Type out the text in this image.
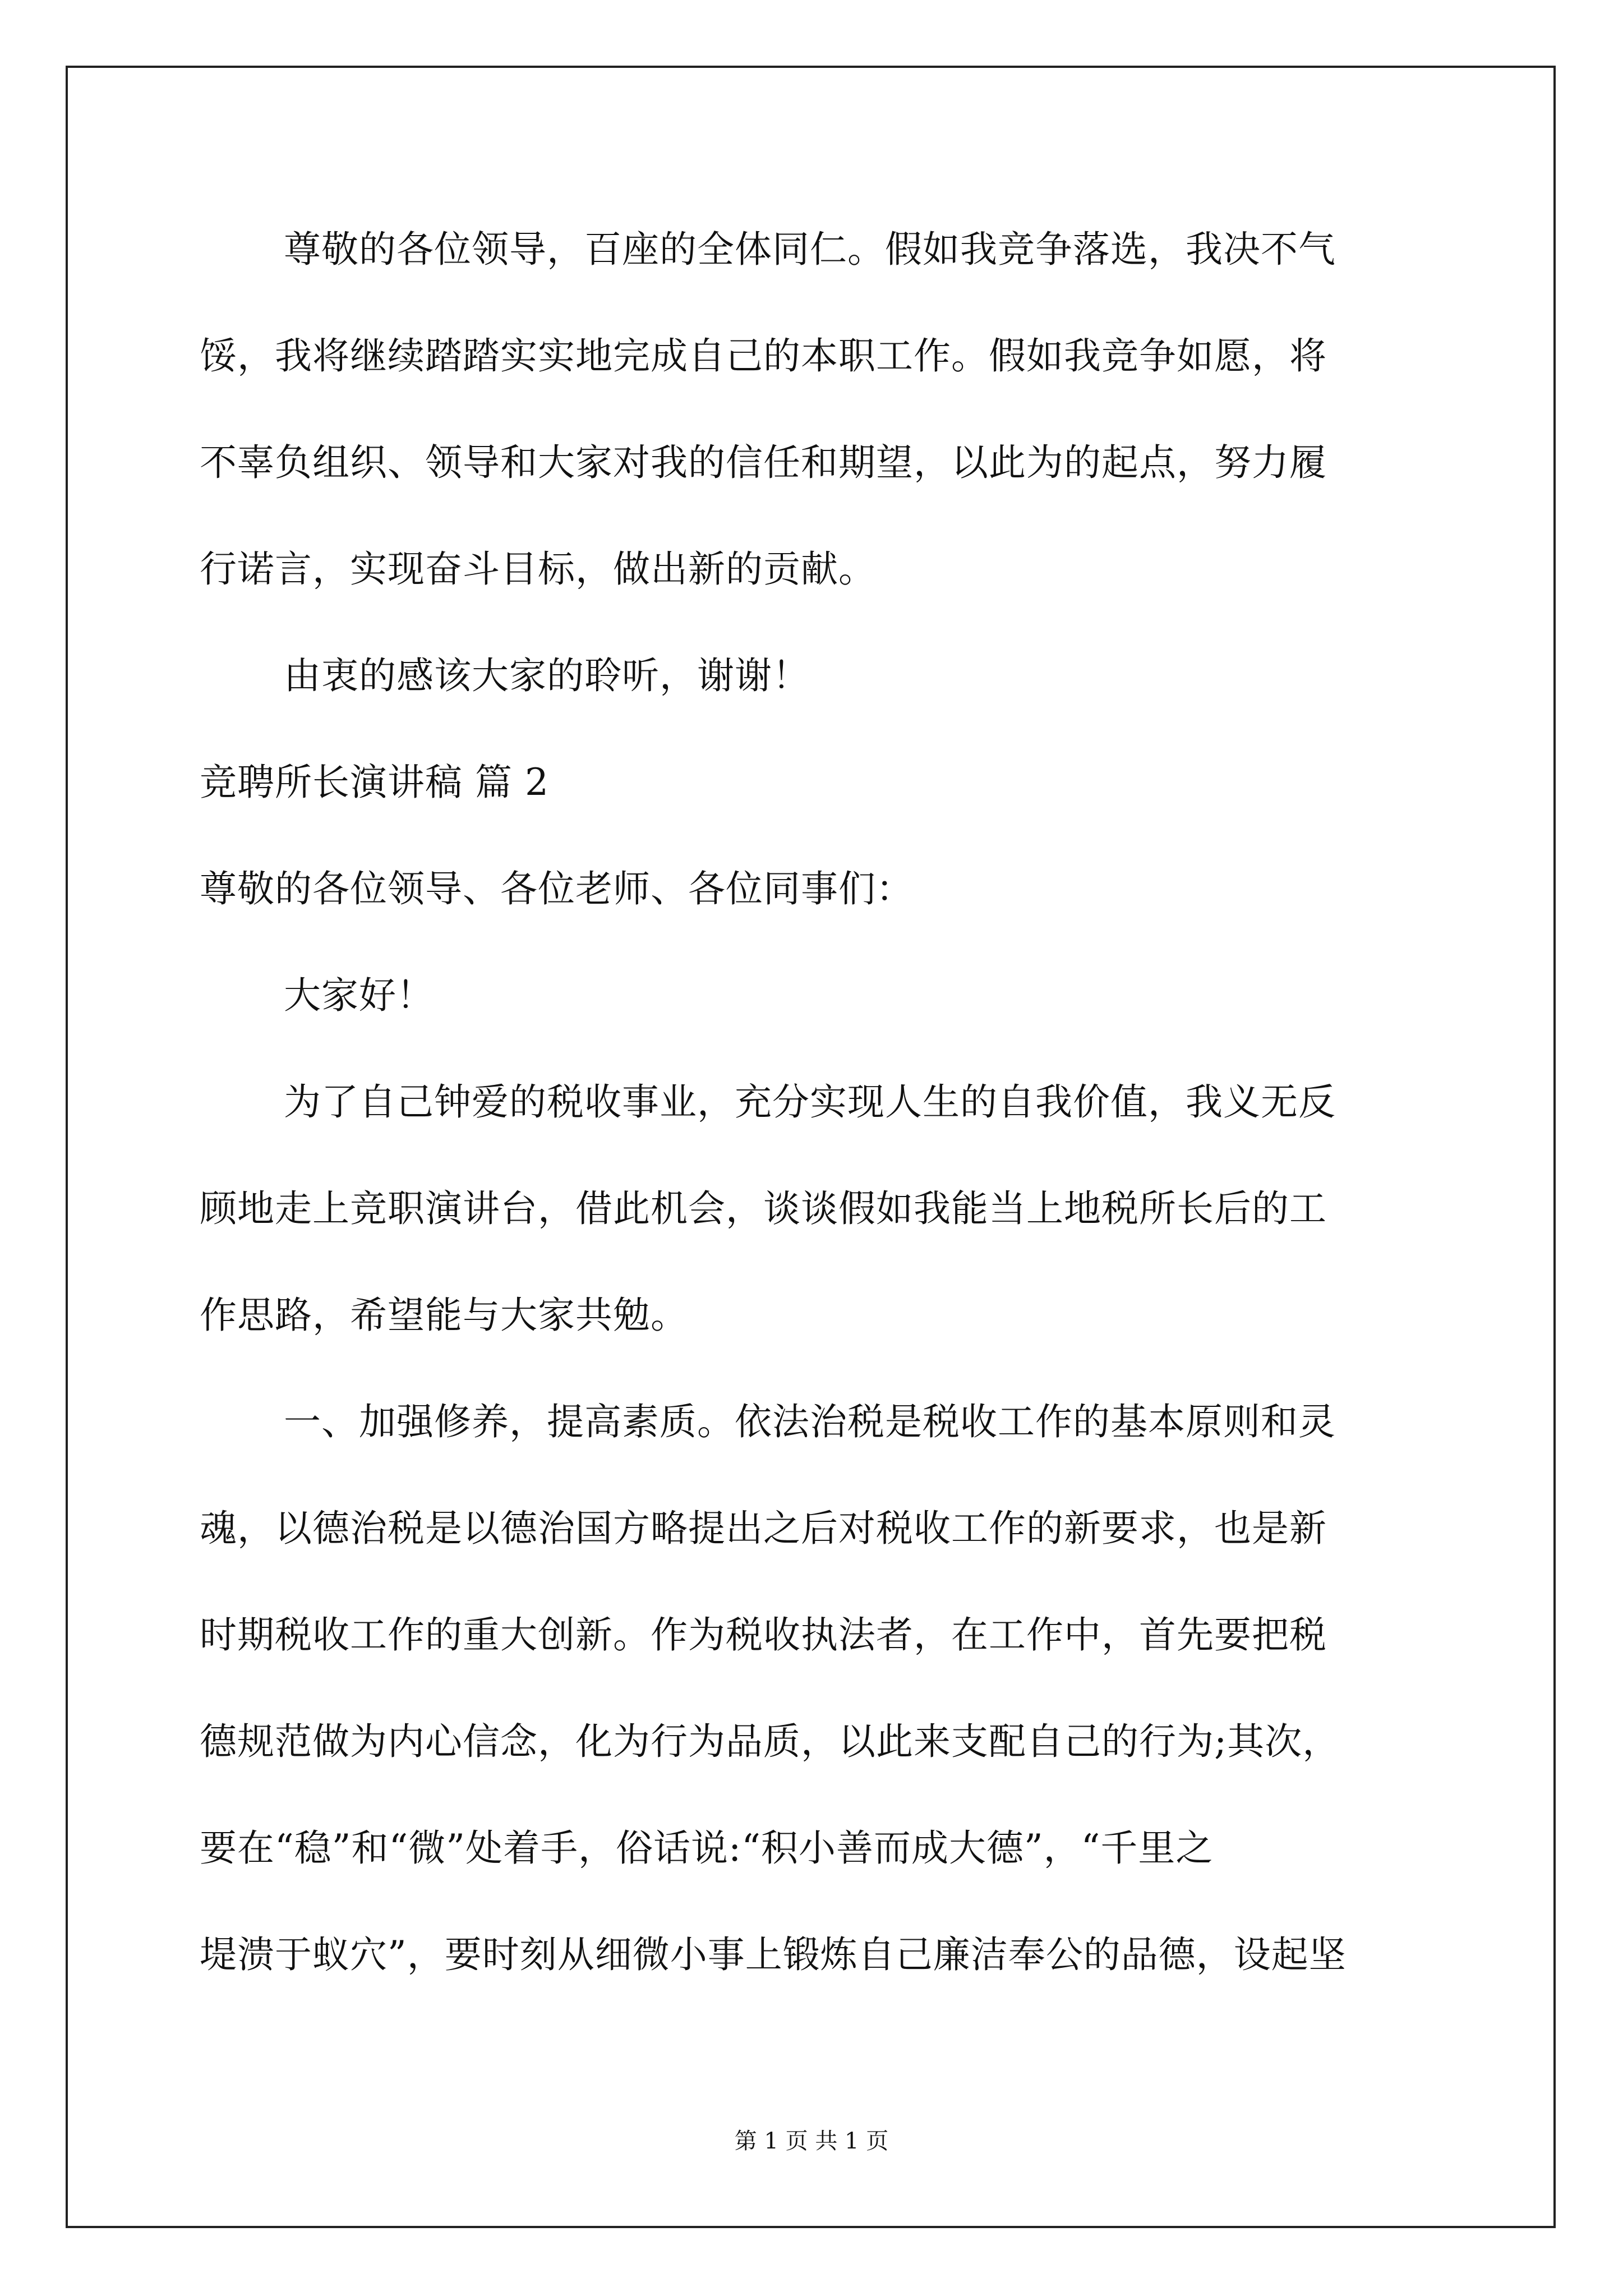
尊敬的各位领导，百座的全体同仁。假如我竞争落选，我决不气
馁，我将继续踏踏实实地完成自己的本职工作。假如我竞争如愿，将
不辜负组织、领导和大家对我的信任和期望，以此为的起点，努力履
行诺言，实现奋斗目标，做出新的贡献。
由衷的感该大家的聆听，谢谢！
竞聘所长演讲稿 篇 2
尊敬的各位领导、各位老师、各位同事们：
大家好！
为了自己钟爱的税收事业，充分实现人生的自我价值，我义无反
顾地走上竞职演讲台，借此机会，谈谈假如我能当上地税所长后的工
作思路，希望能与大家共勉。
一、加强修养，提高素质。依法治税是税收工作的基本原则和灵
魂，以德治税是以德治国方略提出之后对税收工作的新要求，也是新
时期税收工作的重大创新。作为税收执法者，在工作中，首先要把税
德规范做为内心信念，化为行为品质，以此来支配自己的行为;其次，
要在“稳”和“微”处着手，俗话说:“积小善而成大德”，“千里之
堤溃于蚁穴”，要时刻从细微小事上锻炼自己廉洁奉公的品德，设起坚
第 1 页 共 1 页
